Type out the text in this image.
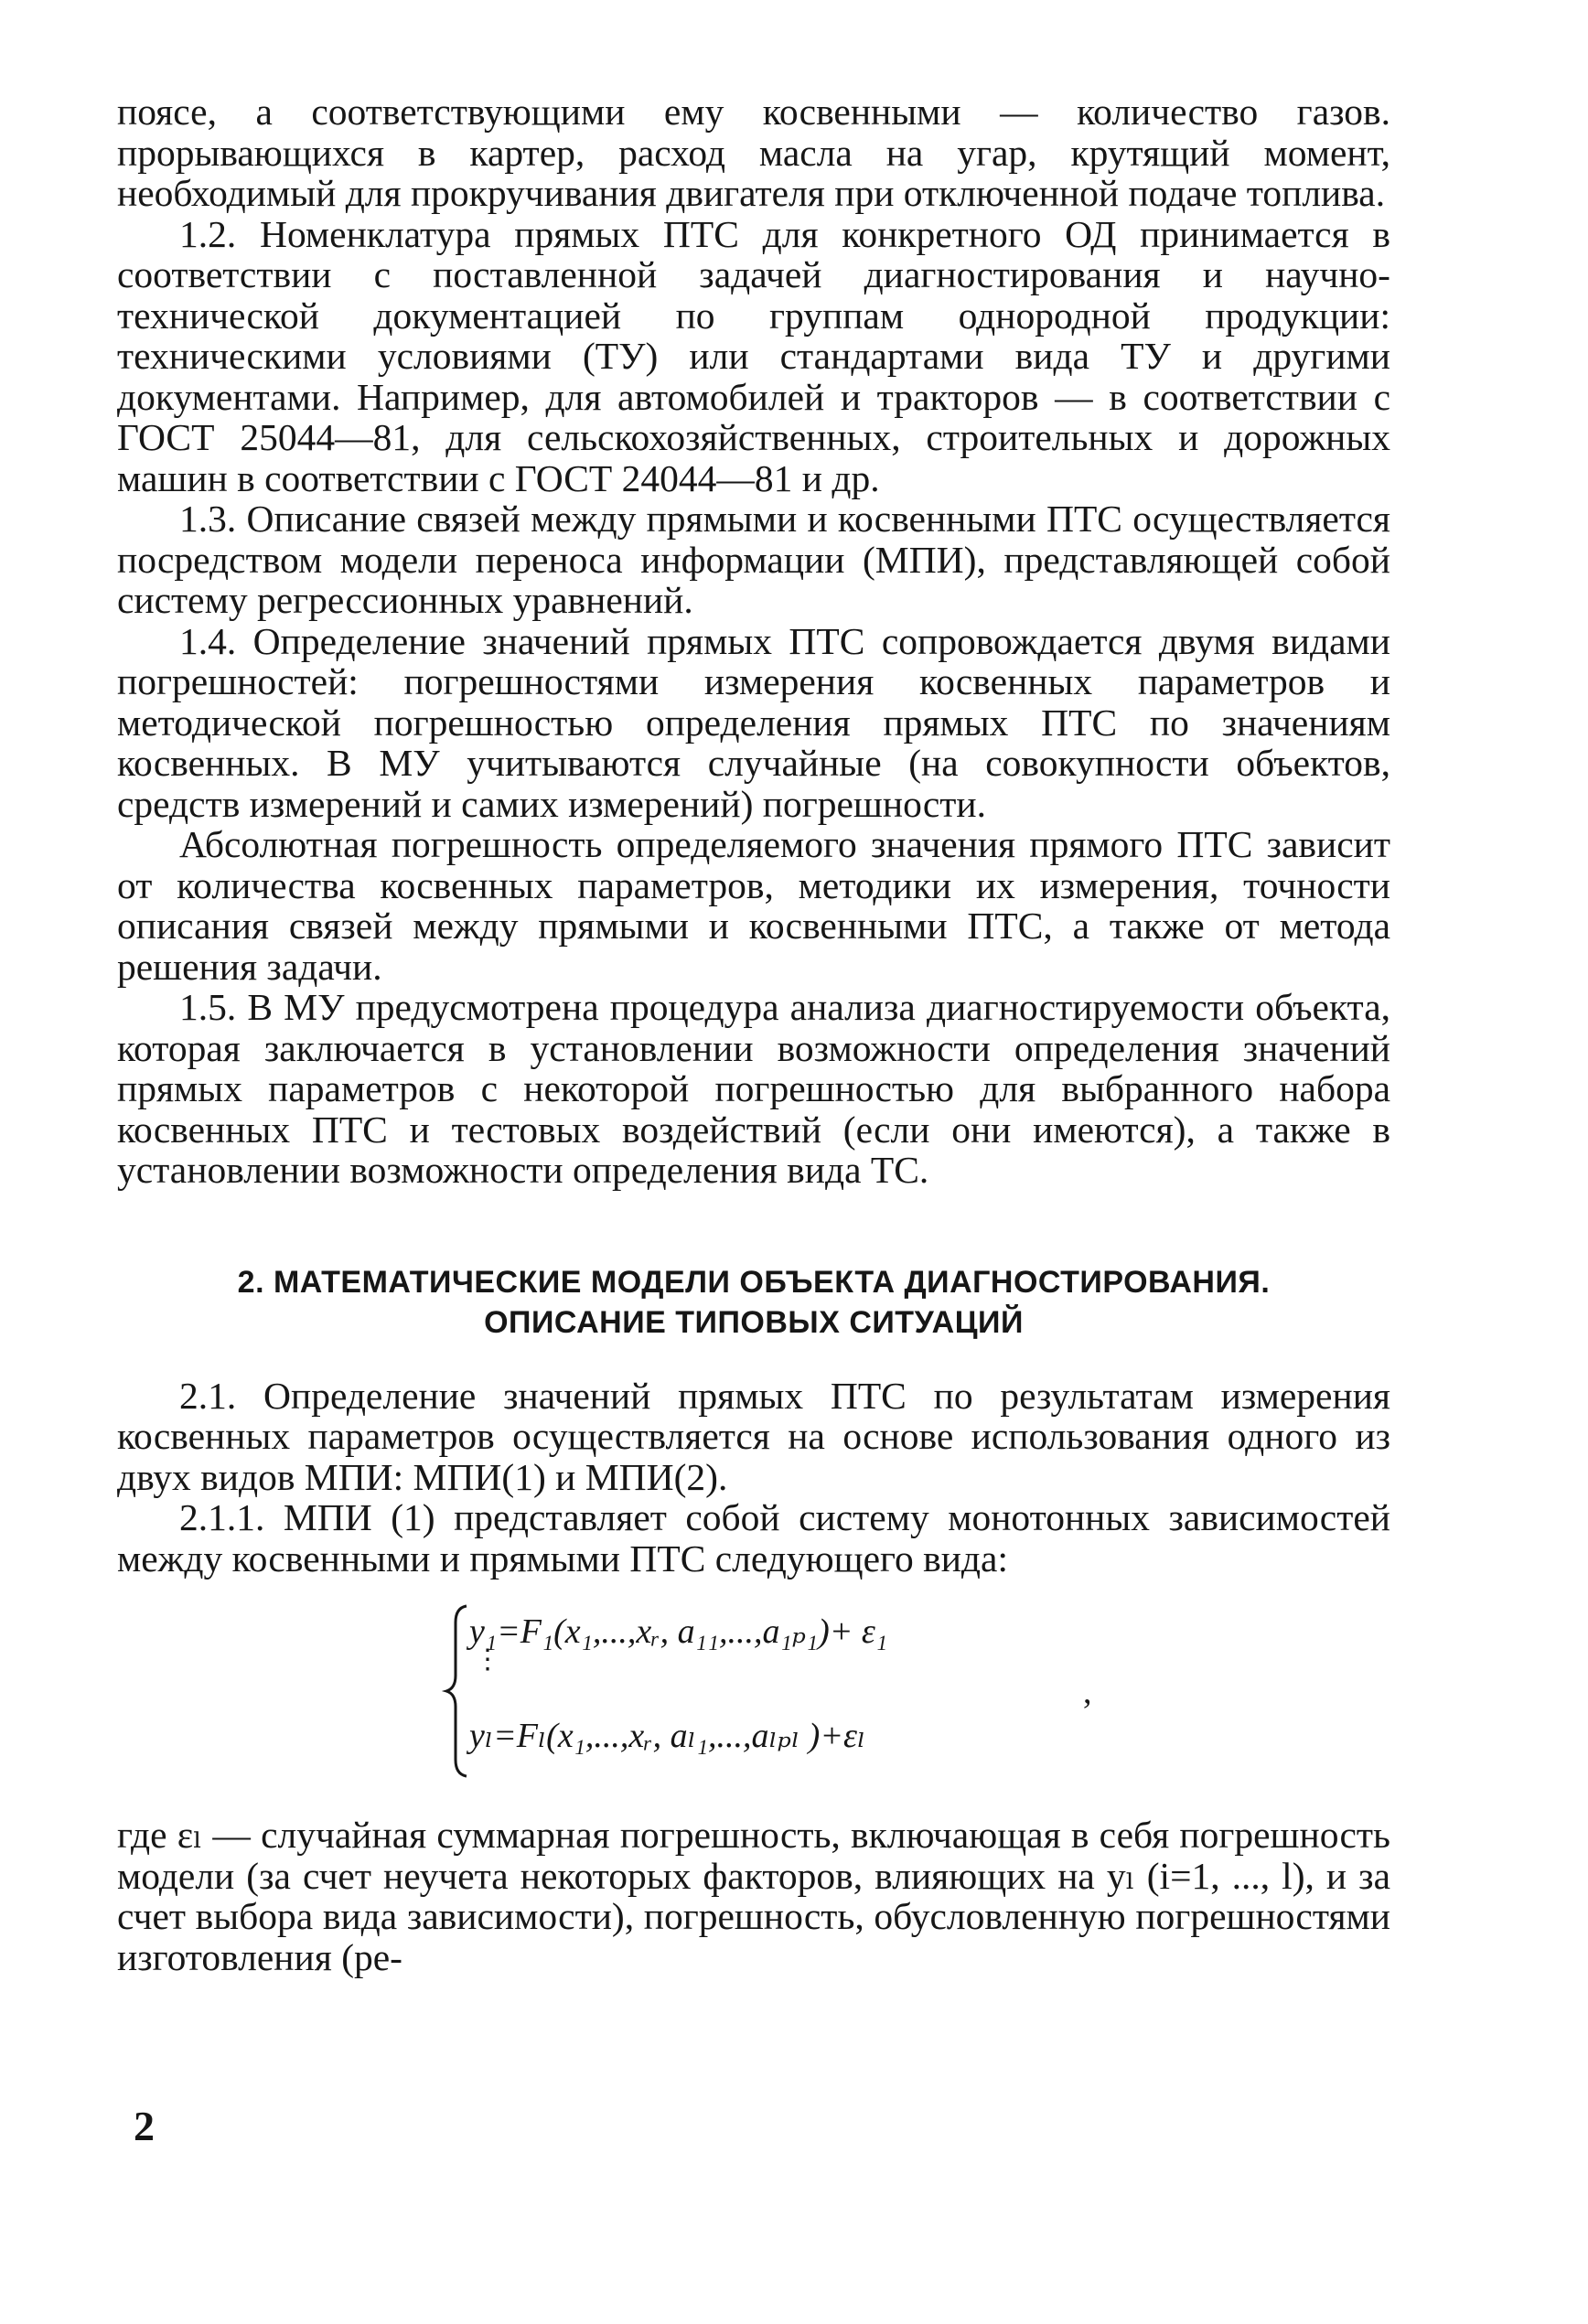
поясе, а соответствующими ему косвенными — количество газов. прорывающихся в картер, расход масла на угар, крутящий момент, необходимый для прокручивания двигателя при отключенной подаче топлива.

1.2. Номенклатура прямых ПТС для конкретного ОД принимается в соответствии с поставленной задачей диагностирования и научно-технической документацией по группам однородной продукции: техническими условиями (ТУ) или стандартами вида ТУ и другими документами. Например, для автомобилей и тракторов — в соответствии с ГОСТ 25044—81, для сельскохозяйственных, строительных и дорожных машин в соответствии с ГОСТ 24044—81 и др.

1.3. Описание связей между прямыми и косвенными ПТС осуществляется посредством модели переноса информации (МПИ), представляющей собой систему регрессионных уравнений.

1.4. Определение значений прямых ПТС сопровождается двумя видами погрешностей: погрешностями измерения косвенных параметров и методической погрешностью определения прямых ПТС по значениям косвенных. В МУ учитываются случайные (на совокупности объектов, средств измерений и самих измерений) погрешности.

Абсолютная погрешность определяемого значения прямого ПТС зависит от количества косвенных параметров, методики их измерения, точности описания связей между прямыми и косвенными ПТС, а также от метода решения задачи.

1.5. В МУ предусмотрена процедура анализа диагностируемости объекта, которая заключается в установлении возможности определения значений прямых параметров с некоторой погрешностью для выбранного набора косвенных ПТС и тестовых воздействий (если они имеются), а также в установлении возможности определения вида ТС.

2. МАТЕМАТИЧЕСКИЕ МОДЕЛИ ОБЪЕКТА ДИАГНОСТИРОВАНИЯ.
ОПИСАНИЕ ТИПОВЫХ СИТУАЦИЙ

2.1. Определение значений прямых ПТС по результатам измерения косвенных параметров осуществляется на основе использования одного из двух видов МПИ: МПИ(1) и МПИ(2).

2.1.1. МПИ (1) представляет собой систему монотонных зависимостей между косвенными и прямыми ПТС следующего вида:

y₁=F₁(x₁,...,xᵣ, a₁₁,...,a₁ₚ₁)+ ε₁
⋮
yₗ=Fₗ(x₁,...,xᵣ, aₗ₁,...,aₗₚₗ )+εₗ
,

где εₗ — случайная суммарная погрешность, включающая в себя погрешность модели (за счет неучета некоторых факторов, влияющих на yₗ (i=1, ..., l), и за счет выбора вида зависимости), погрешность, обусловленную погрешностями изготовления (ре-

2
